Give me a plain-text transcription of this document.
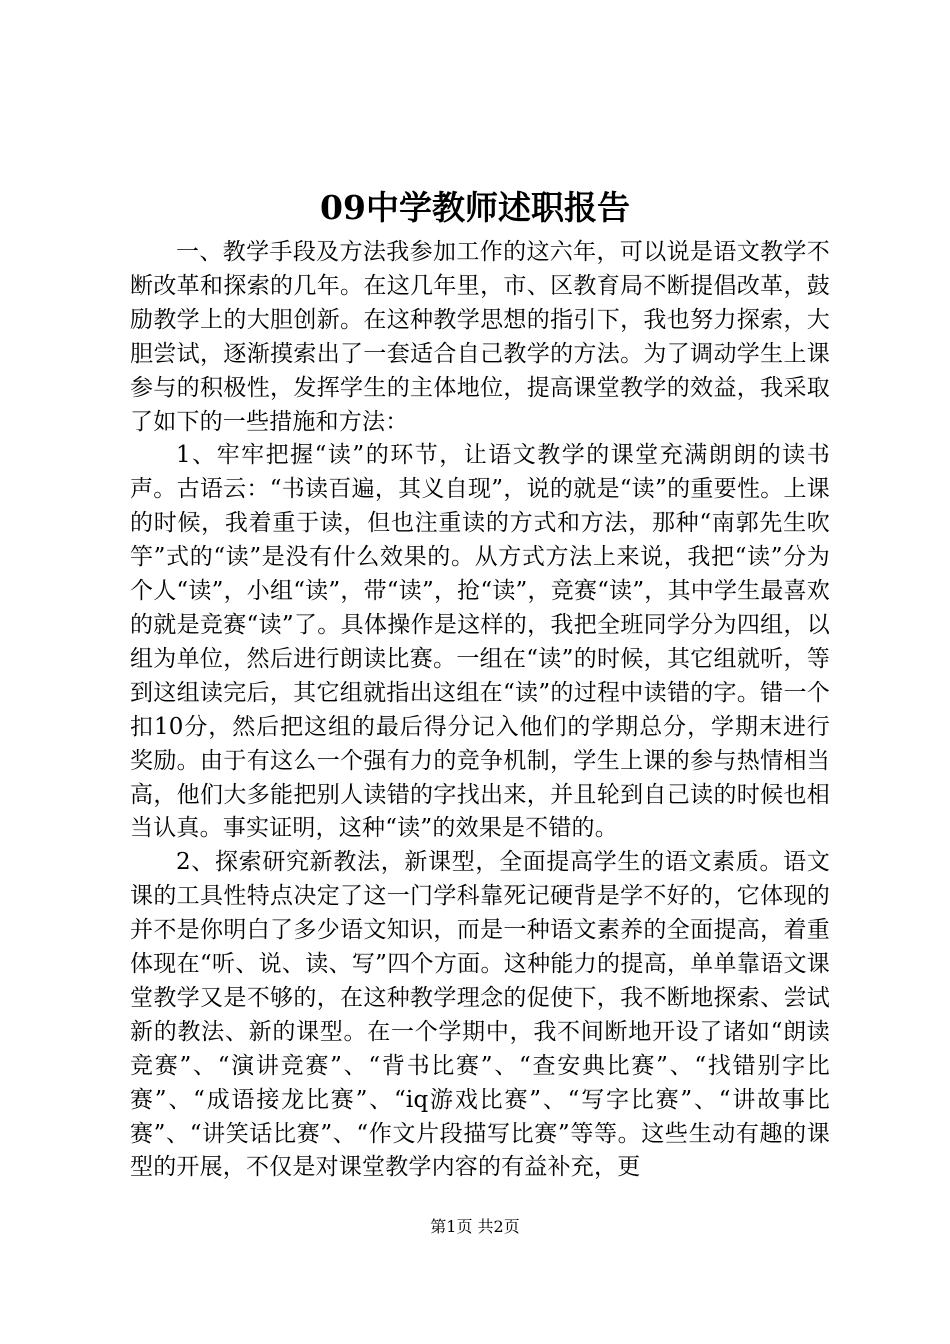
09中学教师述职报告

一、教学手段及方法我参加工作的这六年，可以说是语文教学不断改革和探索的几年。在这几年里，市、区教育局不断提倡改革，鼓励教学上的大胆创新。在这种教学思想的指引下，我也努力探索，大胆尝试，逐渐摸索出了一套适合自己教学的方法。为了调动学生上课参与的积极性，发挥学生的主体地位，提高课堂教学的效益，我采取了如下的一些措施和方法：

1、牢牢把握“读”的环节，让语文教学的课堂充满朗朗的读书声。古语云：“书读百遍，其义自现”，说的就是“读”的重要性。上课的时候，我着重于读，但也注重读的方式和方法，那种“南郭先生吹竽”式的“读”是没有什么效果的。从方式方法上来说，我把“读”分为个人“读”，小组“读”，带“读”，抢“读”，竞赛“读”，其中学生最喜欢的就是竞赛“读”了。具体操作是这样的，我把全班同学分为四组，以组为单位，然后进行朗读比赛。一组在“读”的时候，其它组就听，等到这组读完后，其它组就指出这组在“读”的过程中读错的字。错一个扣10分，然后把这组的最后得分记入他们的学期总分，学期末进行奖励。由于有这么一个强有力的竞争机制，学生上课的参与热情相当高，他们大多能把别人读错的字找出来，并且轮到自己读的时候也相当认真。事实证明，这种“读”的效果是不错的。

2、探索研究新教法，新课型，全面提高学生的语文素质。语文课的工具性特点决定了这一门学科靠死记硬背是学不好的，它体现的并不是你明白了多少语文知识，而是一种语文素养的全面提高，着重体现在“听、说、读、写”四个方面。这种能力的提高，单单靠语文课堂教学又是不够的，在这种教学理念的促使下，我不断地探索、尝试新的教法、新的课型。在一个学期中，我不间断地开设了诸如“朗读竞赛”、“演讲竞赛”、“背书比赛”、“查安典比赛”、“找错别字比赛”、“成语接龙比赛”、“iq游戏比赛”、“写字比赛”、“讲故事比赛”、“讲笑话比赛”、“作文片段描写比赛”等等。这些生动有趣的课型的开展，不仅是对课堂教学内容的有益补充，更

第1页 共2页
